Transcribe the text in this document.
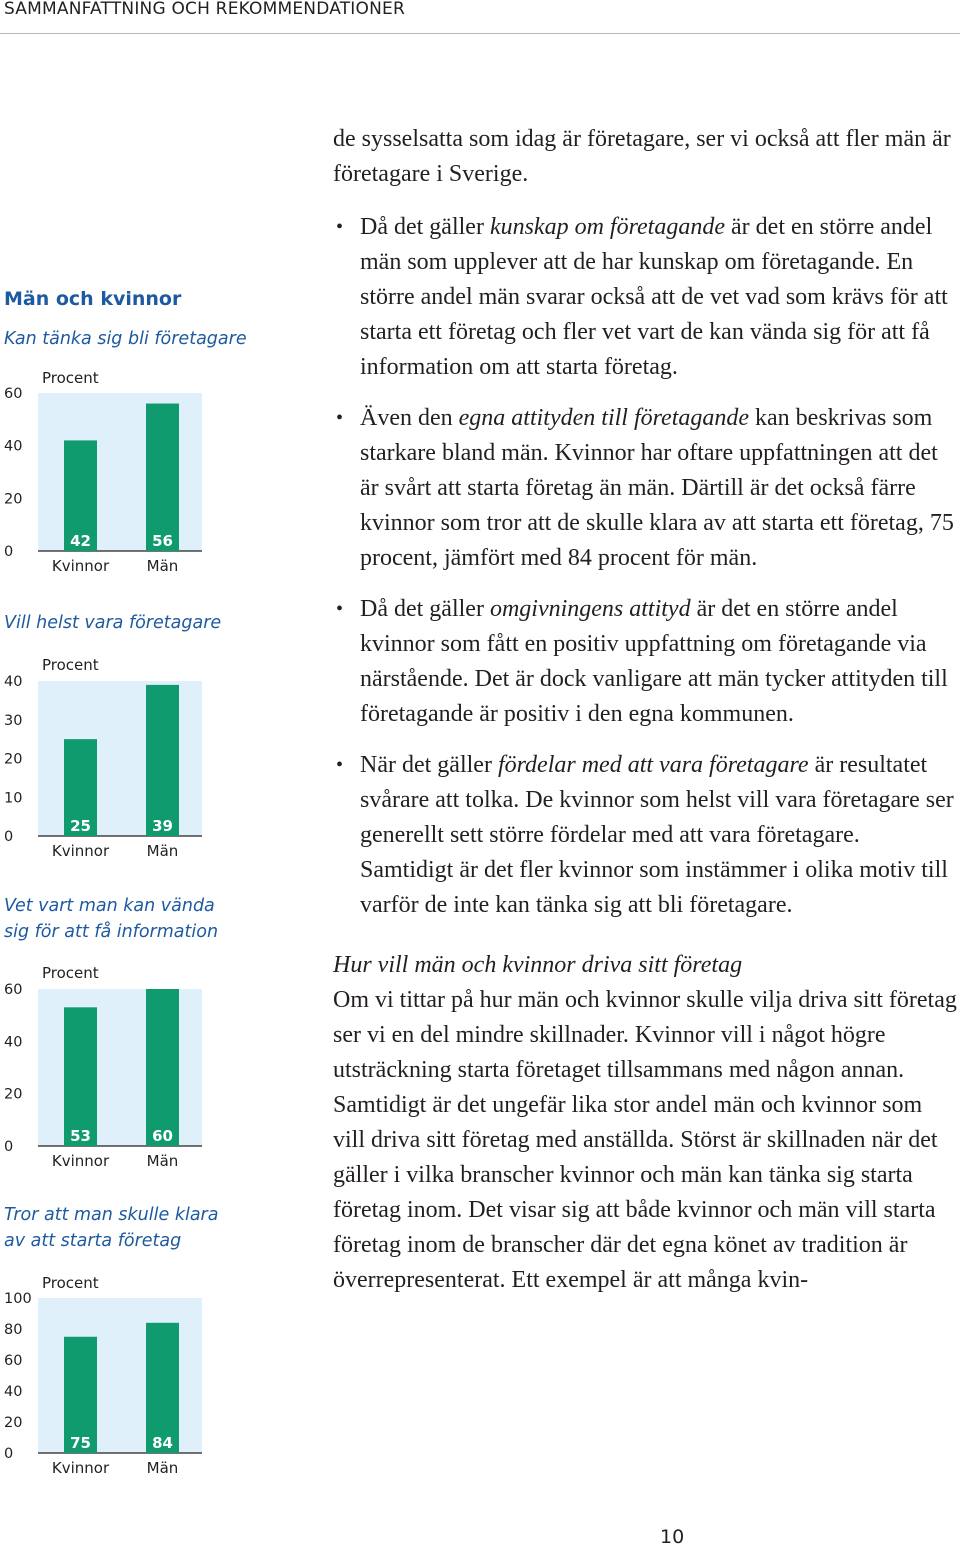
SAMMANFATTNING OCH REKOMMENDATIONER
Män och kvinnor
Kan tänka sig bli företagare
0
20
40
60
Procent
42
Kvinnor
56
Män
Vill helst vara företagare
0
10
20
30
40
Procent
25
Kvinnor
39
Män
Vet vart man kan vända
sig för att få information
0
20
40
60
Procent
53
Kvinnor
60
Män
Tror att man skulle klara
av att starta företag
0
20
40
60
80
100
Procent
75
Kvinnor
84
Män

de sysselsatta som idag är företagare, ser vi också att fler män är företagare i Sverige.

• Då det gäller kunskap om företagande är det en större andel män som upplever att de har kunskap om företagande. En större andel män svarar också att de vet vad som krävs för att starta ett företag och fler vet vart de kan vända sig för att få information om att starta företag.
• Även den egna attityden till företagande kan beskrivas som starkare bland män. Kvinnor har oftare uppfattningen att det är svårt att starta företag än män. Därtill är det också färre kvinnor som tror att de skulle klara av att starta ett företag, 75 procent, jämfört med 84 procent för män.
• Då det gäller omgivningens attityd är det en större andel kvinnor som fått en positiv uppfattning om företagande via närstående. Det är dock vanligare att män tycker attityden till företagande är positiv i den egna kommunen.
• När det gäller fördelar med att vara företagare är resultatet svårare att tolka. De kvinnor som helst vill vara företagare ser generellt sett större fördelar med att vara företagare. Samtidigt är det fler kvinnor som instämmer i olika motiv till varför de inte kan tänka sig att bli företagare.

Hur vill män och kvinnor driva sitt företag

Om vi tittar på hur män och kvinnor skulle vilja driva sitt företag ser vi en del mindre skillnader. Kvinnor vill i något högre utsträckning starta företaget tillsammans med någon annan. Samtidigt är det ungefär lika stor andel män och kvinnor som vill driva sitt företag med anställda. Störst är skillnaden när det gäller i vilka branscher kvinnor och män kan tänka sig starta företag inom. Det visar sig att både kvinnor och män vill starta företag inom de branscher där det egna könet av tradition är överrepresenterat. Ett exempel är att många kvin-

10
